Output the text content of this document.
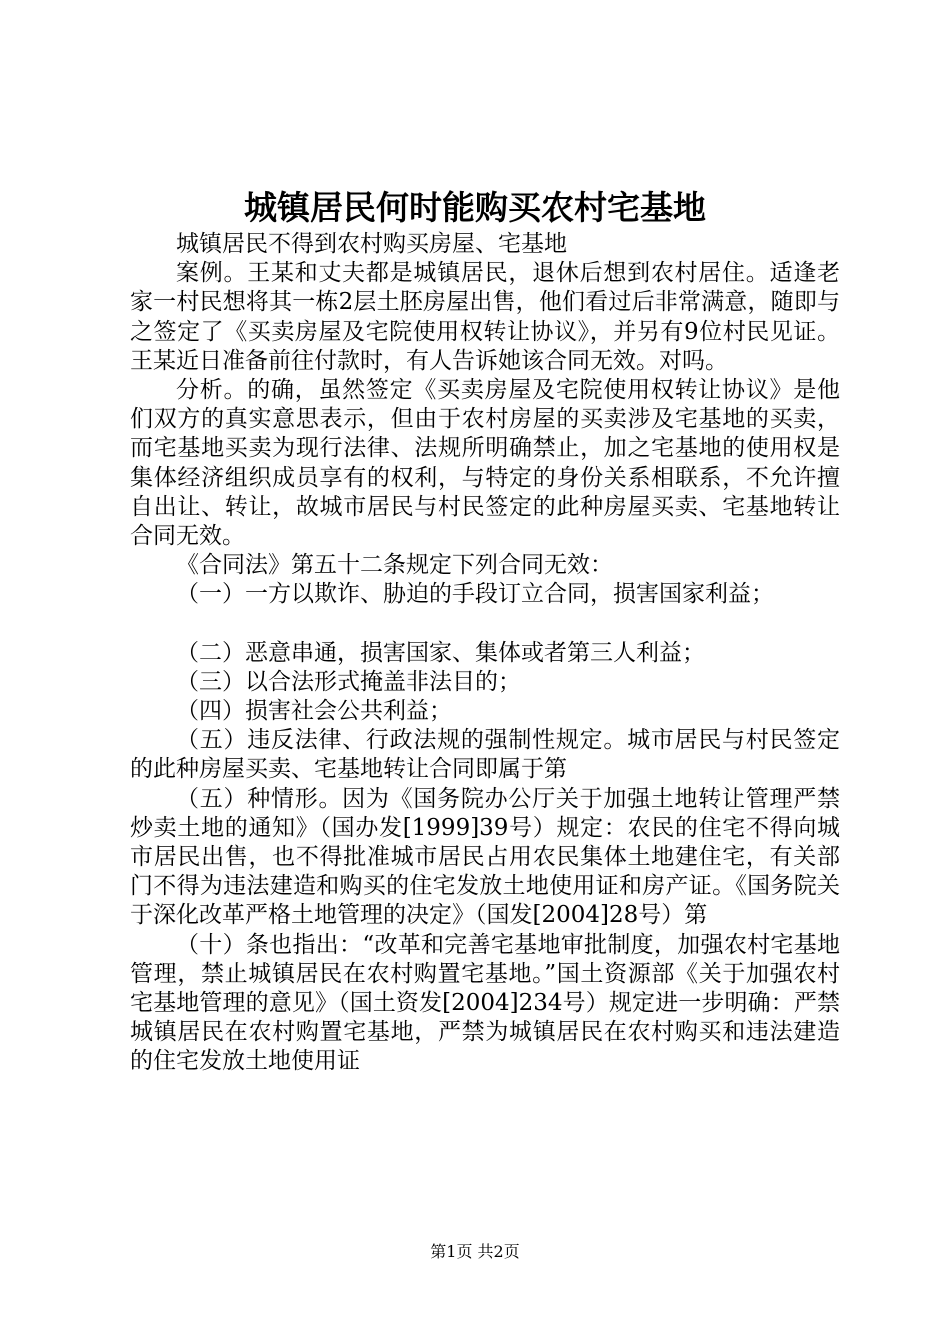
城镇居民何时能购买农村宅基地

城镇居民不得到农村购买房屋、宅基地

案例。王某和丈夫都是城镇居民，退休后想到农村居住。适逢老家一村民想将其一栋2层土胚房屋出售，他们看过后非常满意，随即与之签定了《买卖房屋及宅院使用权转让协议》，并另有9位村民见证。王某近日准备前往付款时，有人告诉她该合同无效。对吗。

分析。的确，虽然签定《买卖房屋及宅院使用权转让协议》是他们双方的真实意思表示，但由于农村房屋的买卖涉及宅基地的买卖，而宅基地买卖为现行法律、法规所明确禁止，加之宅基地的使用权是集体经济组织成员享有的权利，与特定的身份关系相联系，不允许擅自出让、转让，故城市居民与村民签定的此种房屋买卖、宅基地转让合同无效。

《合同法》第五十二条规定下列合同无效：

（一）一方以欺诈、胁迫的手段订立合同，损害国家利益；

（二）恶意串通，损害国家、集体或者第三人利益；

（三）以合法形式掩盖非法目的；

（四）损害社会公共利益；

（五）违反法律、行政法规的强制性规定。城市居民与村民签定的此种房屋买卖、宅基地转让合同即属于第

（五）种情形。因为《国务院办公厅关于加强土地转让管理严禁炒卖土地的通知》（国办发[1999]39号）规定：农民的住宅不得向城市居民出售，也不得批准城市居民占用农民集体土地建住宅，有关部门不得为违法建造和购买的住宅发放土地使用证和房产证。《国务院关于深化改革严格土地管理的决定》（国发[2004]28号）第

（十）条也指出：“改革和完善宅基地审批制度，加强农村宅基地管理，禁止城镇居民在农村购置宅基地。”国土资源部《关于加强农村宅基地管理的意见》（国土资发[2004]234号）规定进一步明确：严禁城镇居民在农村购置宅基地，严禁为城镇居民在农村购买和违法建造的住宅发放土地使用证

第1页 共2页
